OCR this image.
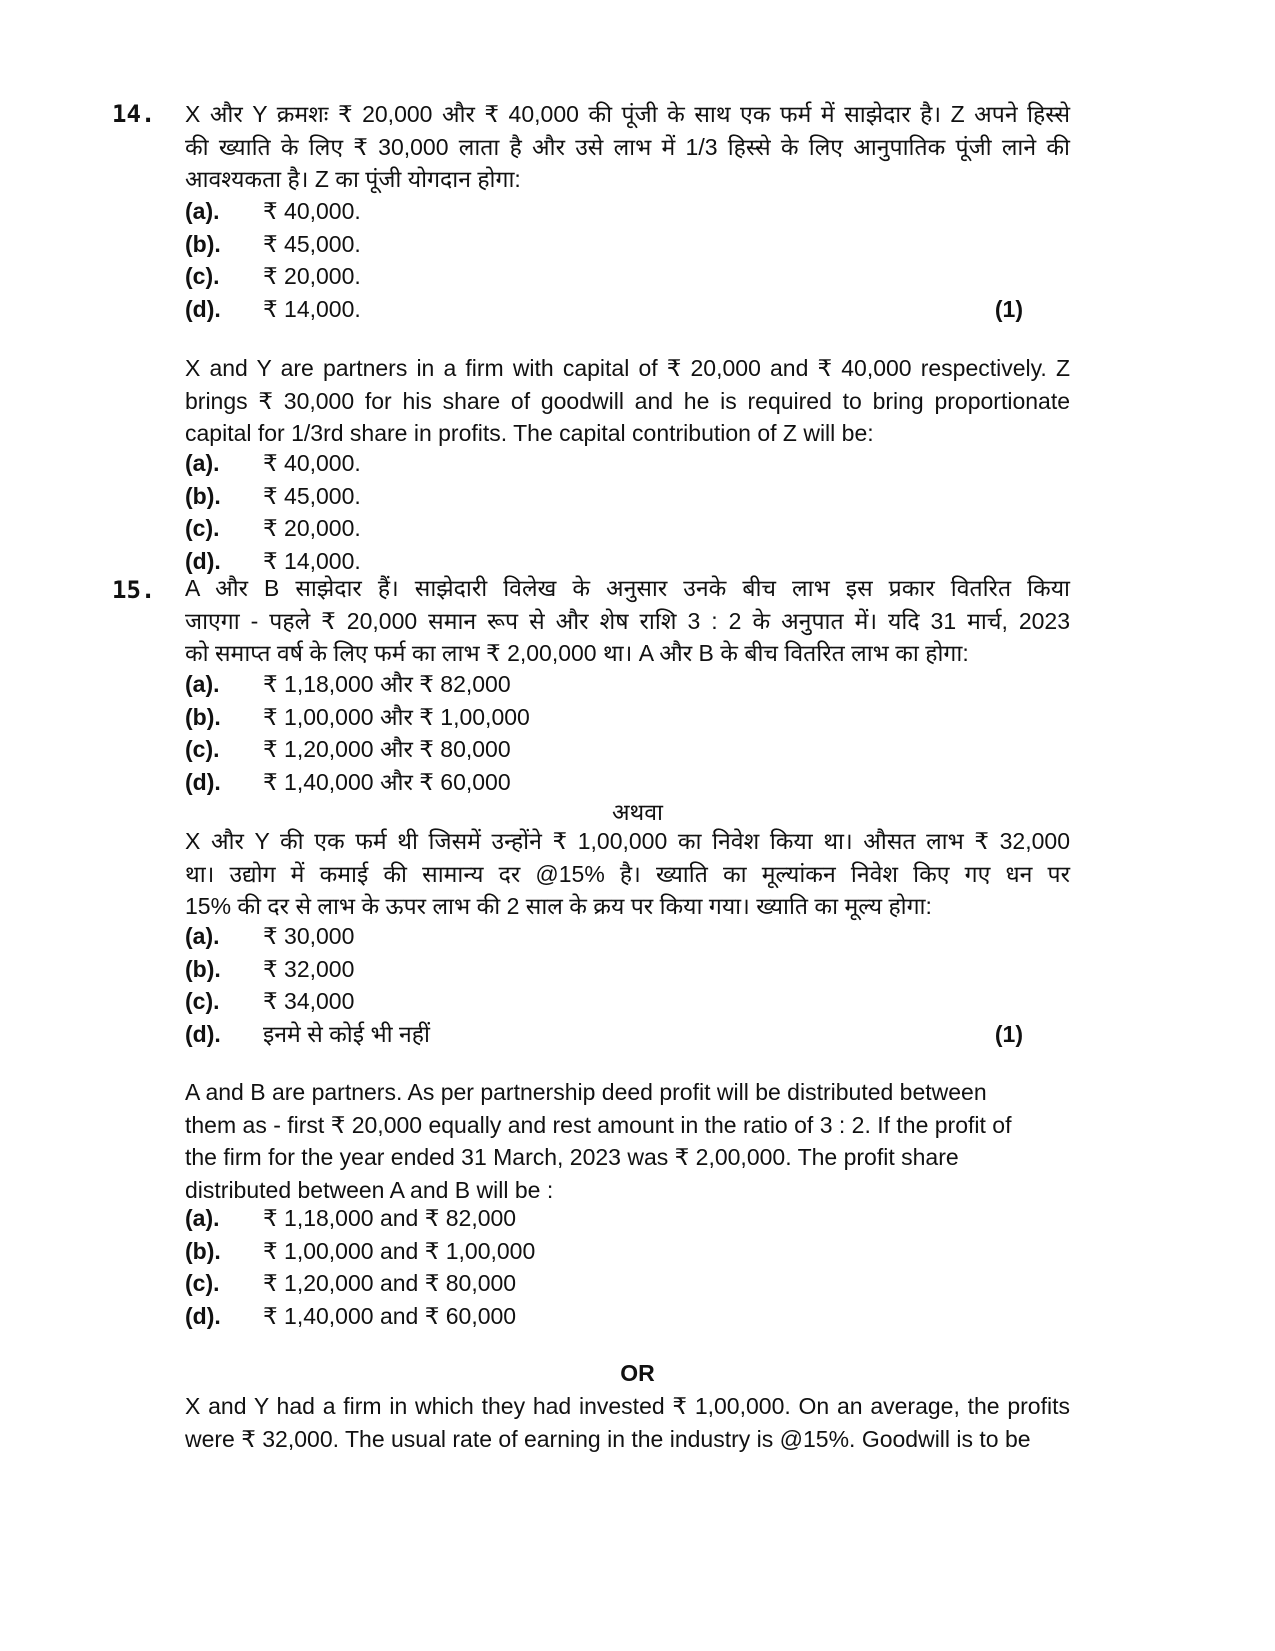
14. X और Y क्रमशः ₹ 20,000 और ₹ 40,000 की पूंजी के साथ एक फर्म में साझेदार है। Z अपने हिस्से
की ख्याति के लिए ₹ 30,000 लाता है और उसे लाभ में 1/3 हिस्से के लिए आनुपातिक पूंजी लाने की
आवश्यकता है। Z का पूंजी योगदान होगा:
(a). ₹ 40,000.
(b). ₹ 45,000.
(c). ₹ 20,000.
(d). ₹ 14,000.	(1)
X and Y are partners in a firm with capital of ₹ 20,000 and ₹ 40,000 respectively. Z
brings ₹ 30,000 for his share of goodwill and he is required to bring proportionate
capital for 1/3rd share in profits. The capital contribution of Z will be:
(a). ₹ 40,000.
(b). ₹ 45,000.
(c). ₹ 20,000.
(d). ₹ 14,000.
15. A और B साझेदार हैं। साझेदारी विलेख के अनुसार उनके बीच लाभ इस प्रकार वितरित किया
जाएगा - पहले ₹ 20,000 समान रूप से और शेष राशि 3 : 2 के अनुपात में। यदि 31 मार्च, 2023
को समाप्त वर्ष के लिए फर्म का लाभ ₹ 2,00,000 था। A और B के बीच वितरित लाभ का होगा:
(a). ₹ 1,18,000 और ₹ 82,000
(b). ₹ 1,00,000 और ₹ 1,00,000
(c). ₹ 1,20,000 और ₹ 80,000
(d). ₹ 1,40,000 और ₹ 60,000
अथवा
X और Y की एक फर्म थी जिसमें उन्होंने ₹ 1,00,000 का निवेश किया था। औसत लाभ ₹ 32,000
था। उद्योग में कमाई की सामान्य दर @15% है। ख्याति का मूल्यांकन निवेश किए गए धन पर
15% की दर से लाभ के ऊपर लाभ की 2 साल के क्रय पर किया गया। ख्याति का मूल्य होगा:
(a). ₹ 30,000
(b). ₹ 32,000
(c). ₹ 34,000
(d). इनमे से कोई भी नहीं	(1)
A and B are partners. As per partnership deed profit will be distributed between
them as - first ₹ 20,000 equally and rest amount in the ratio of 3 : 2. If the profit of
the firm for the year ended 31 March, 2023 was ₹ 2,00,000. The profit share
distributed between A and B will be :
(a). ₹ 1,18,000 and ₹ 82,000
(b). ₹ 1,00,000 and ₹ 1,00,000
(c). ₹ 1,20,000 and ₹ 80,000
(d). ₹ 1,40,000 and ₹ 60,000
OR
X and Y had a firm in which they had invested ₹ 1,00,000. On an average, the profits
were ₹ 32,000. The usual rate of earning in the industry is @15%. Goodwill is to be
